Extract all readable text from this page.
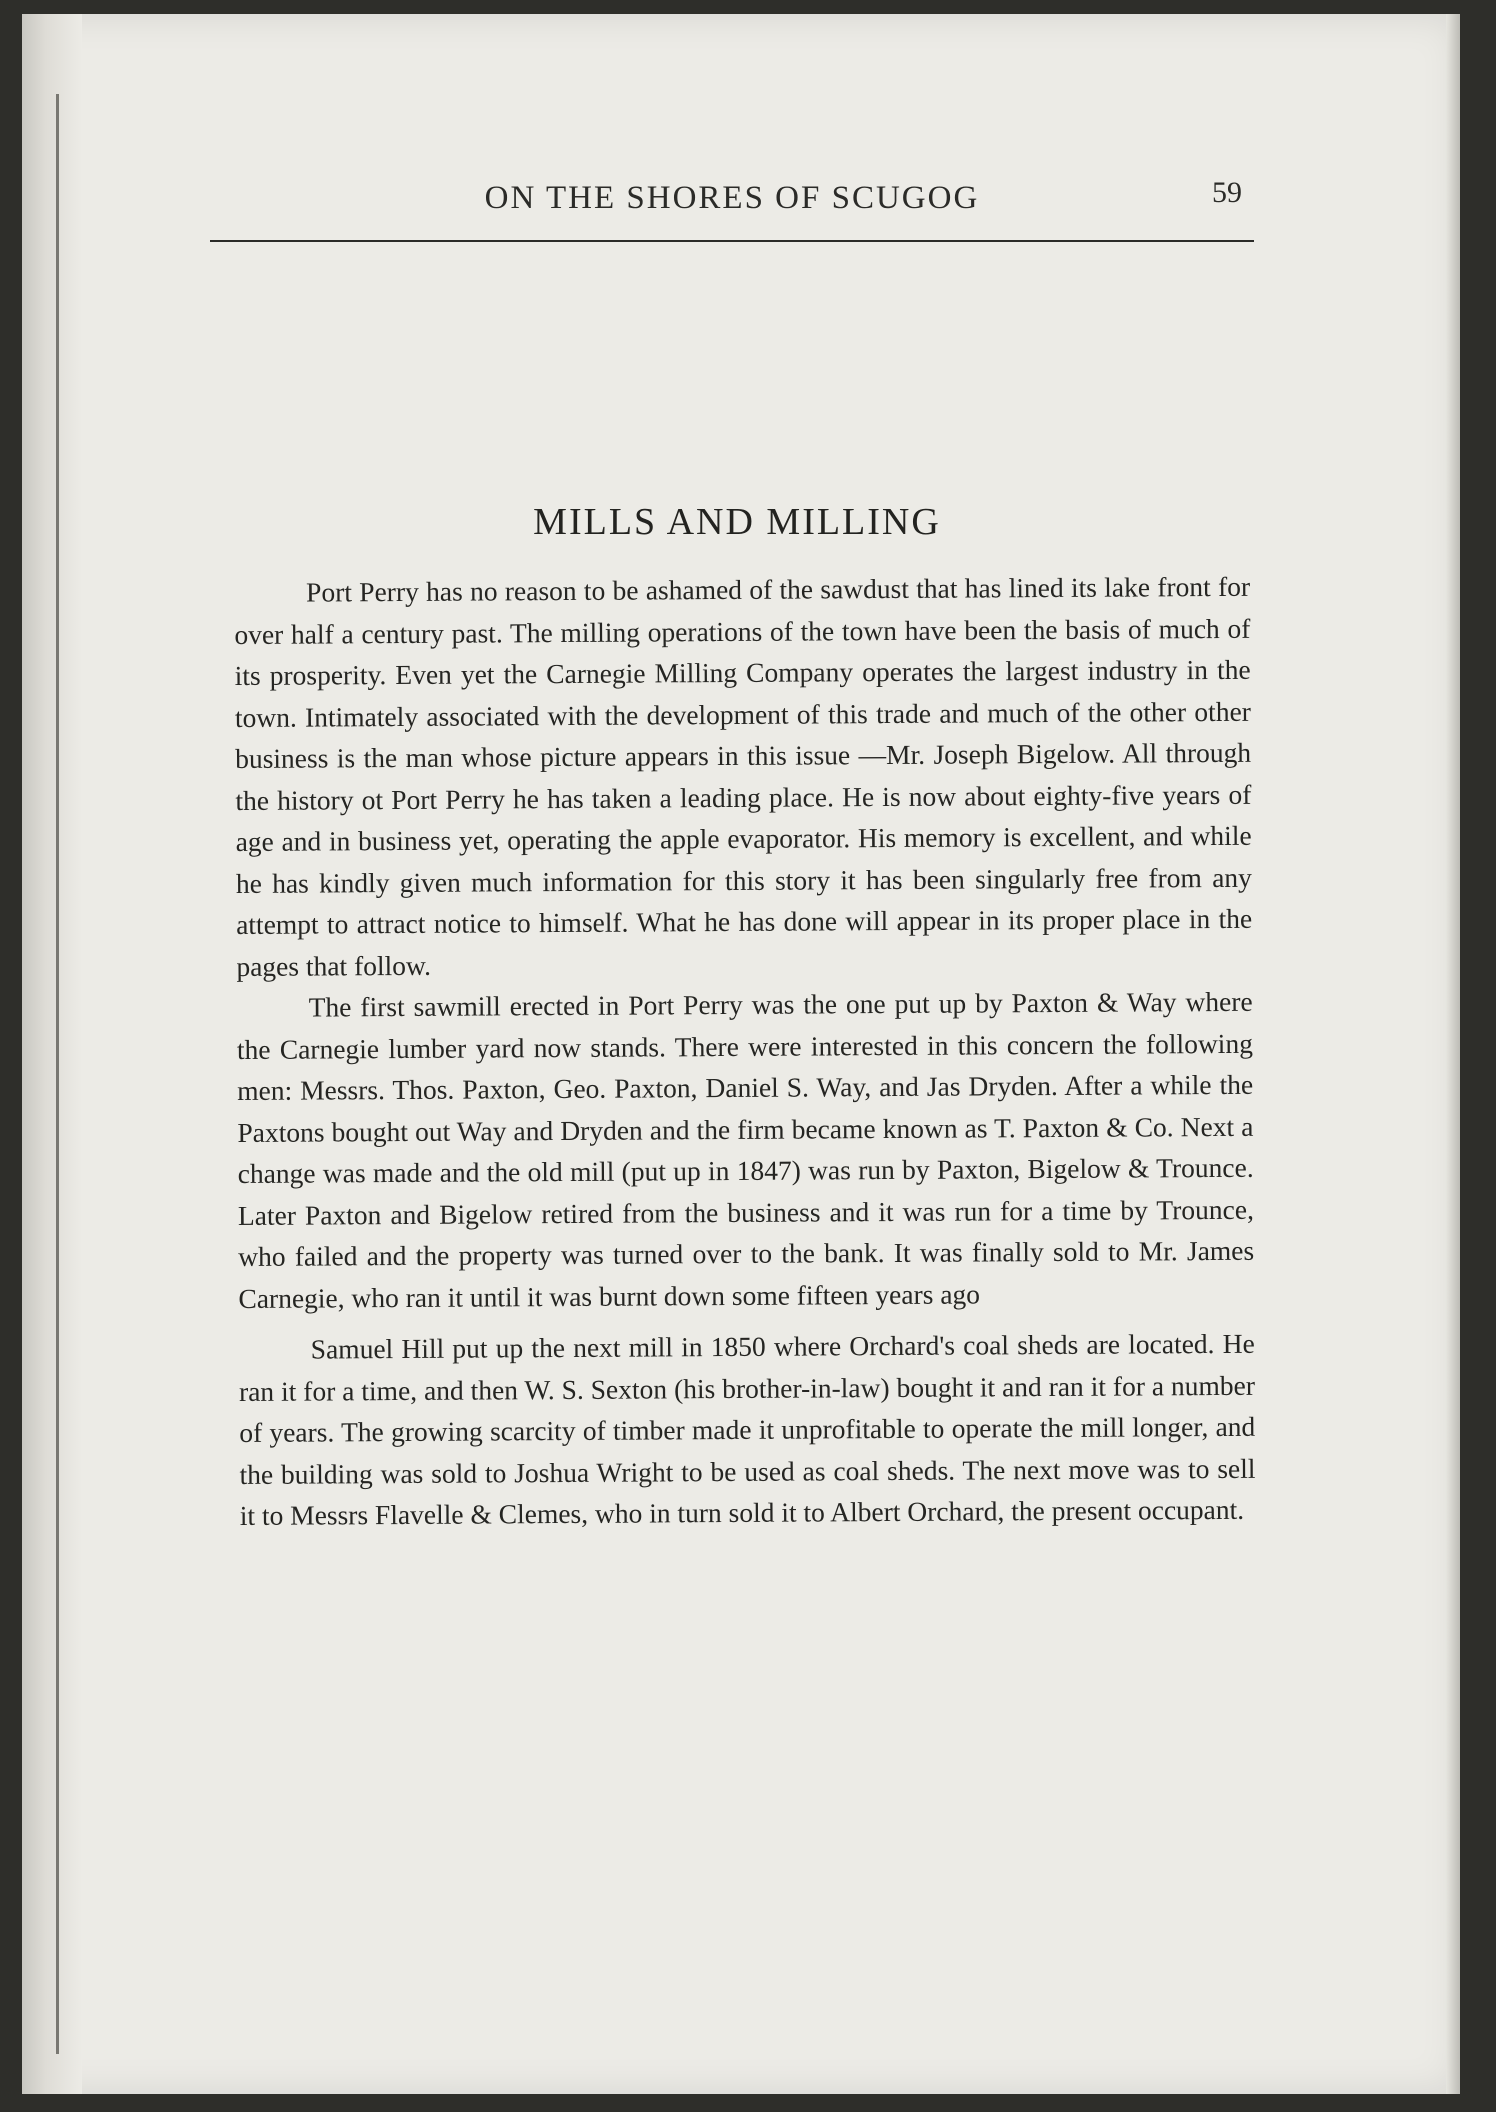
ON THE SHORES OF SCUGOG	59
MILLS AND MILLING

Port Perry has no reason to be ashamed of the sawdust that has lined its lake front for over half a century past. The milling operations of the town have been the basis of much of its prosperity. Even yet the Carnegie Milling Company operates the largest industry in the town. Intimately associated with the development of this trade and much of the other other business is the man whose picture appears in this issue —Mr. Joseph Bigelow. All through the history ot Port Perry he has taken a leading place. He is now about eighty-five years of age and in business yet, operating the apple evaporator. His memory is excellent, and while he has kindly given much information for this story it has been singularly free from any attempt to attract notice to himself. What he has done will appear in its proper place in the pages that follow.

The first sawmill erected in Port Perry was the one put up by Paxton & Way where the Carnegie lumber yard now stands. There were interested in this concern the following men: Messrs. Thos. Paxton, Geo. Paxton, Daniel S. Way, and Jas Dryden. After a while the Paxtons bought out Way and Dryden and the firm became known as T. Paxton & Co. Next a change was made and the old mill (put up in 1847) was run by Paxton, Bigelow & Trounce. Later Paxton and Bigelow retired from the business and it was run for a time by Trounce, who failed and the property was turned over to the bank. It was finally sold to Mr. James Carnegie, who ran it until it was burnt down some fifteen years ago

Samuel Hill put up the next mill in 1850 where Orchard's coal sheds are located. He ran it for a time, and then W. S. Sexton (his brother-in-law) bought it and ran it for a number of years. The growing scarcity of timber made it unprofitable to operate the mill longer, and the building was sold to Joshua Wright to be used as coal sheds. The next move was to sell it to Messrs Flavelle & Clemes, who in turn sold it to Albert Orchard, the present occupant.
